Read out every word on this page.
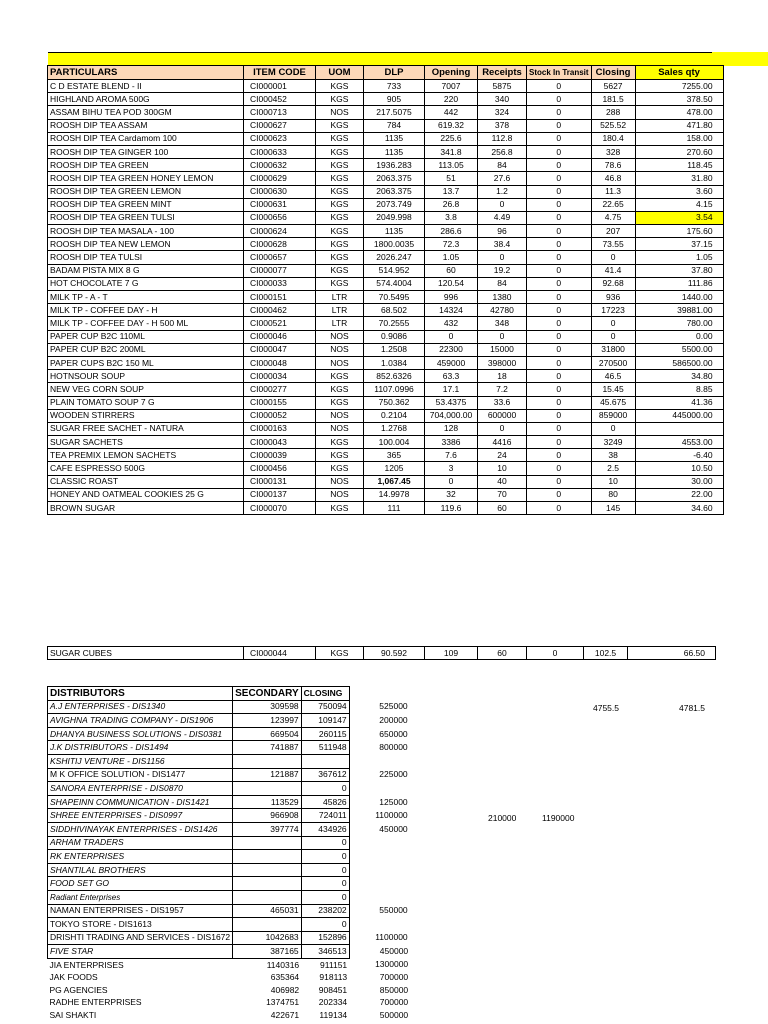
PARTICULARS	ITEM CODE	UOM	DLP	Opening	Receipts	Stock In Transit	Closing	Sales qty
C D ESTATE BLEND - II	CI000001	KGS	733	7007	5875	0	5627	7255.00
HIGHLAND AROMA 500G	CI000452	KGS	905	220	340	0	181.5	378.50
ASSAM BIHU TEA POD 300GM	CI000713	NOS	217.5075	442	324	0	288	478.00
ROOSH DIP TEA ASSAM	CI000627	KGS	784	619.32	378	0	525.52	471.80
ROOSH DIP TEA Cardamom 100	CI000623	KGS	1135	225.6	112.8	0	180.4	158.00
ROOSH DIP TEA GINGER 100	CI000633	KGS	1135	341.8	256.8	0	328	270.60
ROOSH DIP TEA GREEN	CI000632	KGS	1936.283	113.05	84	0	78.6	118.45
ROOSH DIP TEA GREEN HONEY LEMON	CI000629	KGS	2063.375	51	27.6	0	46.8	31.80
ROOSH DIP TEA GREEN LEMON	CI000630	KGS	2063.375	13.7	1.2	0	11.3	3.60
ROOSH DIP TEA GREEN MINT	CI000631	KGS	2073.749	26.8	0	0	22.65	4.15
ROOSH DIP TEA GREEN TULSI	CI000656	KGS	2049.998	3.8	4.49	0	4.75	3.54
ROOSH DIP TEA MASALA - 100	CI000624	KGS	1135	286.6	96	0	207	175.60
ROOSH DIP TEA NEW LEMON	CI000628	KGS	1800.0035	72.3	38.4	0	73.55	37.15
ROOSH DIP TEA TULSI	CI000657	KGS	2026.247	1.05	0	0	0	1.05
BADAM PISTA MIX 8 G	CI000077	KGS	514.952	60	19.2	0	41.4	37.80
HOT CHOCOLATE 7 G	CI000033	KGS	574.4004	120.54	84	0	92.68	111.86
MILK TP - A - T	CI000151	LTR	70.5495	996	1380	0	936	1440.00
MILK TP - COFFEE DAY - H	CI000462	LTR	68.502	14324	42780	0	17223	39881.00
MILK TP - COFFEE DAY - H 500 ML	CI000521	LTR	70.2555	432	348	0	0	780.00
PAPER CUP B2C 110ML	CI000046	NOS	0.9086	0	0	0	0	0.00
PAPER CUP B2C 200ML	CI000047	NOS	1.2508	22300	15000	0	31800	5500.00
PAPER CUPS B2C 150 ML	CI000048	NOS	1.0384	459000	398000	0	270500	586500.00
HOTNSOUR SOUP	CI000034	KGS	852.6326	63.3	18	0	46.5	34.80
NEW VEG CORN SOUP	CI000277	KGS	1107.0996	17.1	7.2	0	15.45	8.85
PLAIN TOMATO SOUP 7 G	CI000155	KGS	750.362	53.4375	33.6	0	45.675	41.36
WOODEN STIRRERS	CI000052	NOS	0.2104	704,000.00	600000	0	859000	445000.00
SUGAR FREE SACHET - NATURA	CI000163	NOS	1.2768	128	0	0	0	
SUGAR SACHETS	CI000043	KGS	100.004	3386	4416	0	3249	4553.00
TEA PREMIX LEMON SACHETS	CI000039	KGS	365	7.6	24	0	38	-6.40
CAFE ESPRESSO 500G	CI000456	KGS	1205	3	10	0	2.5	10.50
CLASSIC ROAST	CI000131	NOS	1,067.45	0	40	0	10	30.00
HONEY AND OATMEAL COOKIES 25 G	CI000137	NOS	14.9978	32	70	0	80	22.00
BROWN SUGAR	CI000070	KGS	111	119.6	60	0	145	34.60
SUGAR CUBES	CI000044	KGS	90.592	109	60	0	102.5	66.50
DISTRIBUTORS	SECONDARY	CLOSING	
A.J ENTERPRISES - DIS1340	309598	750094	525000
AVIGHNA TRADING COMPANY - DIS1906	123997	109147	200000
DHANYA BUSINESS SOLUTIONS - DIS0381	669504	260115	650000
J.K DISTRIBUTORS - DIS1494	741887	511948	800000
KSHITIJ VENTURE - DIS1156			
M K OFFICE SOLUTION - DIS1477	121887	367612	225000
SANORA ENTERPRISE - DIS0870		0	
SHAPEINN COMMUNICATION - DIS1421	113529	45826	125000
SHREE ENTERPRISES - DIS0997	966908	724011	1100000
SIDDHIVINAYAK ENTERPRISES - DIS1426	397774	434926	450000
ARHAM TRADERS		0	
RK ENTERPRISES		0	
SHANTILAL BROTHERS		0	
FOOD SET GO		0	
Radiant Enterprises		0	
NAMAN ENTERPRISES - DIS1957	465031	238202	550000
TOKYO STORE - DIS1613		0	
DRISHTI TRADING AND SERVICES - DIS1672	1042683	152896	1100000
FIVE STAR	387165	346513	450000
JIA ENTERPRISES	1140316	911151	1300000
JAK FOODS	635364	918113	700000
PG AGENCIES	406982	908451	850000
RADHE ENTERPRISES	1374751	202334	700000
SAI SHAKTI	422671	119134	500000
4755.5	4781.5
210000	1190000
